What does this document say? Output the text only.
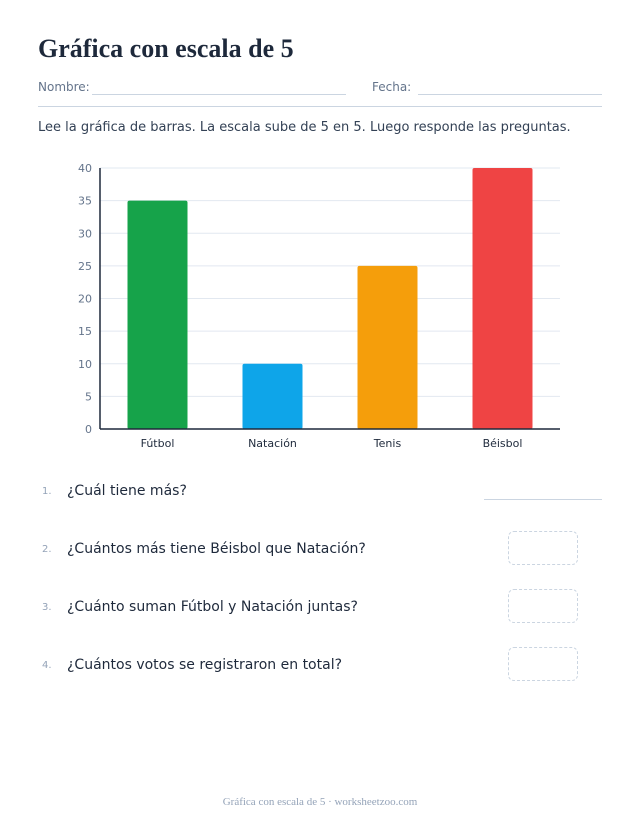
Gráfica con escala de 5
Nombre:	Fecha:

Lee la gráfica de barras. La escala sube de 5 en 5. Luego responde las preguntas.

0
5
10
15
20
25
30
35
40
Fútbol	Natación	Tenis	Béisbol
1. ¿Cuál tiene más?
2. ¿Cuántos más tiene Béisbol que Natación?
3. ¿Cuánto suman Fútbol y Natación juntas?
4. ¿Cuántos votos se registraron en total?
Gráfica con escala de 5 · worksheetzoo.com
